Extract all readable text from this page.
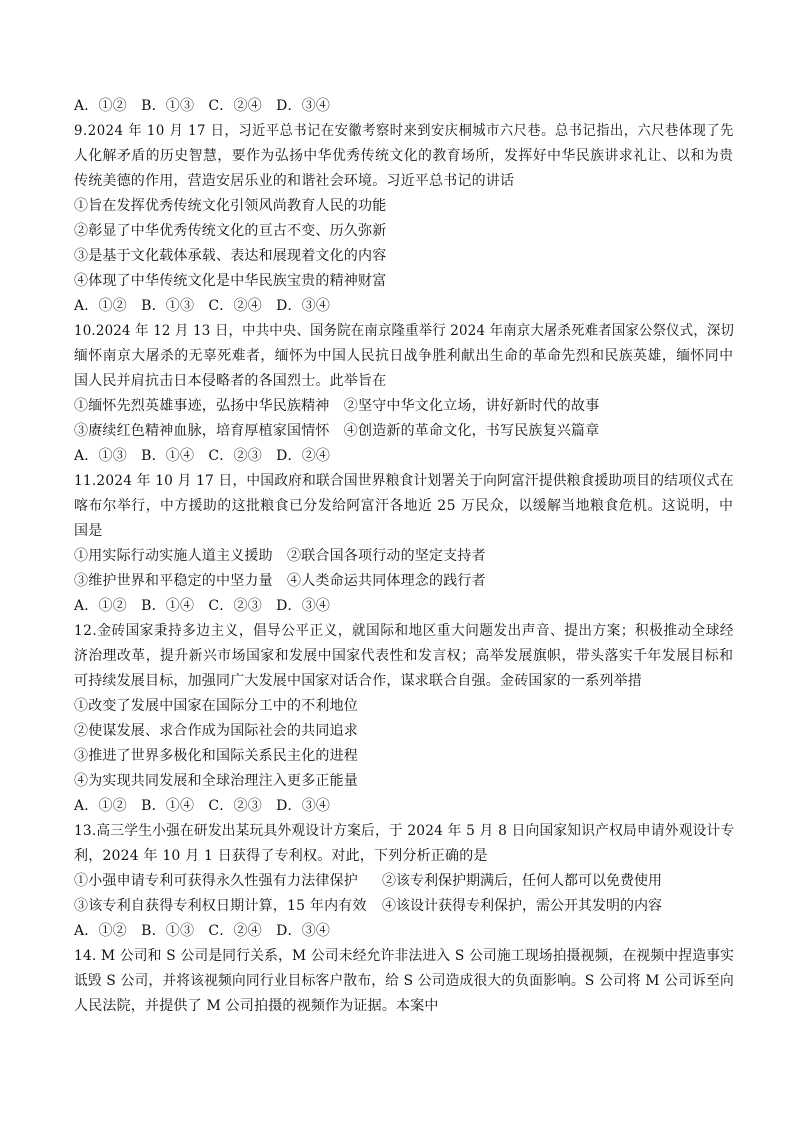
A．①②　B．①③　C．②④　D．③④
9.2024 年 10 月 17 日，习近平总书记在安徽考察时来到安庆桐城市六尺巷。总书记指出，六尺巷体现了先
人化解矛盾的历史智慧，要作为弘扬中华优秀传统文化的教育场所，发挥好中华民族讲求礼让、以和为贵
传统美德的作用，营造安居乐业的和谐社会环境。习近平总书记的讲话
①旨在发挥优秀传统文化引领风尚教育人民的功能
②彰显了中华优秀传统文化的亘古不变、历久弥新
③是基于文化载体承载、表达和展现着文化的内容
④体现了中华传统文化是中华民族宝贵的精神财富
A．①②　B．①③　C．②④　D．③④
10.2024 年 12 月 13 日，中共中央、国务院在南京隆重举行 2024 年南京大屠杀死难者国家公祭仪式，深切
缅怀南京大屠杀的无辜死难者，缅怀为中国人民抗日战争胜利献出生命的革命先烈和民族英雄，缅怀同中
国人民并肩抗击日本侵略者的各国烈士。此举旨在
①缅怀先烈英雄事迹，弘扬中华民族精神　②坚守中华文化立场，讲好新时代的故事
③赓续红色精神血脉，培育厚植家国情怀　④创造新的革命文化，书写民族复兴篇章
A．①③　B．①④　C．②③　D．②④
11.2024 年 10 月 17 日，中国政府和联合国世界粮食计划署关于向阿富汗提供粮食援助项目的结项仪式在
喀布尔举行，中方援助的这批粮食已分发给阿富汗各地近 25 万民众，以缓解当地粮食危机。这说明，中
国是
①用实际行动实施人道主义援助　②联合国各项行动的坚定支持者
③维护世界和平稳定的中坚力量　④人类命运共同体理念的践行者
A．①②　B．①④　C．②③　D．③④
12.金砖国家秉持多边主义，倡导公平正义，就国际和地区重大问题发出声音、提出方案；积极推动全球经
济治理改革，提升新兴市场国家和发展中国家代表性和发言权；高举发展旗帜，带头落实千年发展目标和
可持续发展目标，加强同广大发展中国家对话合作，谋求联合自强。金砖国家的一系列举措
①改变了发展中国家在国际分工中的不利地位
②使谋发展、求合作成为国际社会的共同追求
③推进了世界多极化和国际关系民主化的进程
④为实现共同发展和全球治理注入更多正能量
A．①②　B．①④　C．②③　D．③④
13.高三学生小强在研发出某玩具外观设计方案后，于 2024 年 5 月 8 日向国家知识产权局申请外观设计专
利，2024 年 10 月 1 日获得了专利权。对此，下列分析正确的是
①小强申请专利可获得永久性强有力法律保护 ②该专利保护期满后，任何人都可以免费使用
③该专利自获得专利权日期计算，15 年内有效 ④该设计获得专利保护，需公开其发明的内容
A．①②　B．①③　C．②④　D．③④
14. M 公司和 S 公司是同行关系，M 公司未经允许非法进入 S 公司施工现场拍摄视频，在视频中捏造事实
诋毁 S 公司，并将该视频向同行业目标客户散布，给 S 公司造成很大的负面影响。S 公司将 M 公司诉至向
人民法院，并提供了 M 公司拍摄的视频作为证据。本案中
